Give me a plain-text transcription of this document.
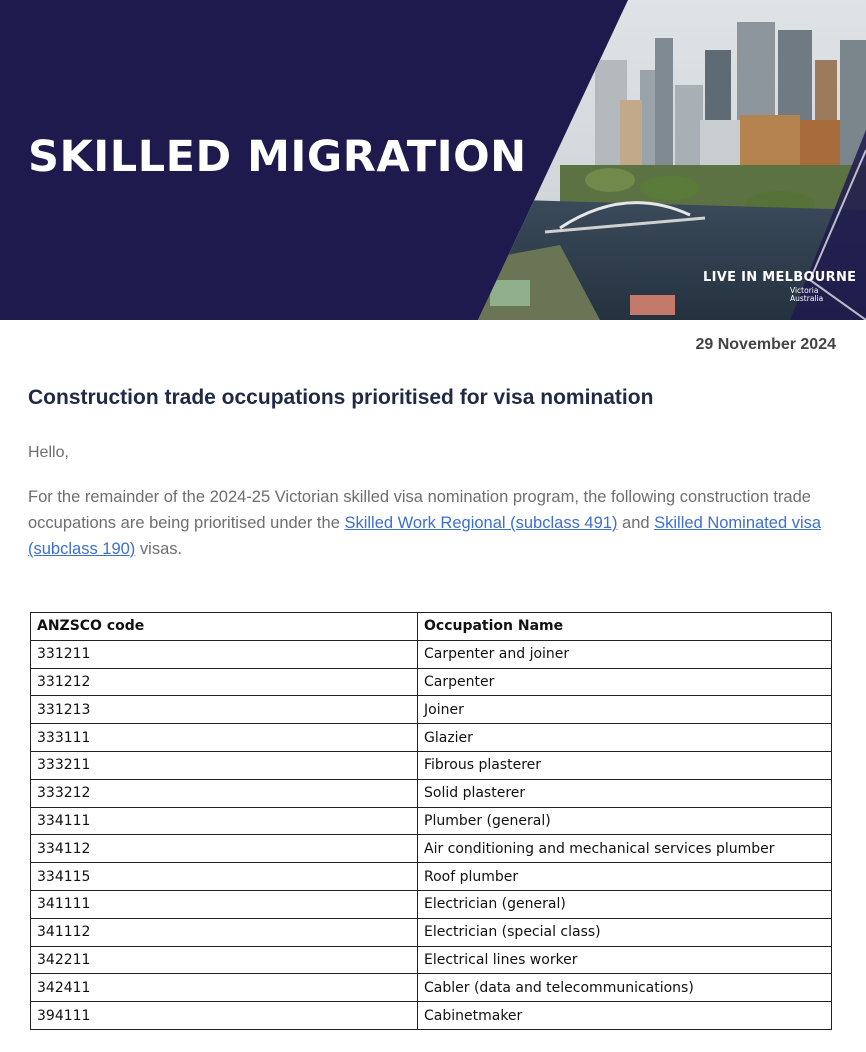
SKILLED MIGRATION
LIVE IN MELBOURNE
Victoria Australia
29 November 2024
Construction trade occupations prioritised for visa nomination
Hello,
For the remainder of the 2024-25 Victorian skilled visa nomination program, the following construction trade occupations are being prioritised under the Skilled Work Regional (subclass 491) and Skilled Nominated visa (subclass 190) visas.
ANZSCO code	Occupation Name
331211	Carpenter and joiner
331212	Carpenter
331213	Joiner
333111	Glazier
333211	Fibrous plasterer
333212	Solid plasterer
334111	Plumber (general)
334112	Air conditioning and mechanical services plumber
334115	Roof plumber
341111	Electrician (general)
341112	Electrician (special class)
342211	Electrical lines worker
342411	Cabler (data and telecommunications)
394111	Cabinetmaker
